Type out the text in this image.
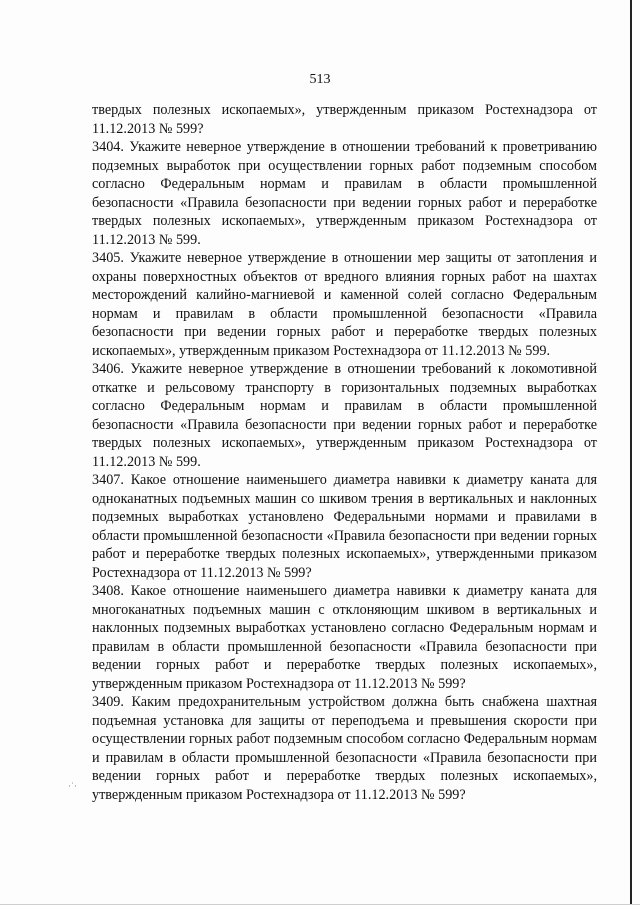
513

твердых полезных ископаемых», утвержденным приказом Ростехнадзора от 11.12.2013 № 599?

3404. Укажите неверное утверждение в отношении требований к проветриванию подземных выработок при осуществлении горных работ подземным способом согласно Федеральным нормам и правилам в области промышленной безопасности «Правила безопасности при ведении горных работ и переработке твердых полезных ископаемых», утвержденным приказом Ростехнадзора от 11.12.2013 № 599.

3405. Укажите неверное утверждение в отношении мер защиты от затопления и охраны поверхностных объектов от вредного влияния горных работ на шахтах месторождений калийно-магниевой и каменной солей согласно Федеральным нормам и правилам в области промышленной безопасности «Правила безопасности при ведении горных работ и переработке твердых полезных ископаемых», утвержденным приказом Ростехнадзора от 11.12.2013 № 599.

3406. Укажите неверное утверждение в отношении требований к локомотивной откатке и рельсовому транспорту в горизонтальных подземных выработках согласно Федеральным нормам и правилам в области промышленной безопасности «Правила безопасности при ведении горных работ и переработке твердых полезных ископаемых», утвержденным приказом Ростехнадзора от 11.12.2013 № 599.

3407. Какое отношение наименьшего диаметра навивки к диаметру каната для одноканатных подъемных машин со шкивом трения в вертикальных и наклонных подземных выработках установлено Федеральными нормами и правилами в области промышленной безопасности «Правила безопасности при ведении горных работ и переработке твердых полезных ископаемых», утвержденными приказом Ростехнадзора от 11.12.2013 № 599?

3408. Какое отношение наименьшего диаметра навивки к диаметру каната для многоканатных подъемных машин с отклоняющим шкивом в вертикальных и наклонных подземных выработках установлено согласно Федеральным нормам и правилам в области промышленной безопасности «Правила безопасности при ведении горных работ и переработке твердых полезных ископаемых», утвержденным приказом Ростехнадзора от 11.12.2013 № 599?

3409. Каким предохранительным устройством должна быть снабжена шахтная подъемная установка для защиты от переподъема и превышения скорости при осуществлении горных работ подземным способом согласно Федеральным нормам и правилам в области промышленной безопасности «Правила безопасности при ведении горных работ и переработке твердых полезных ископаемых», утвержденным приказом Ростехнадзора от 11.12.2013 № 599?

·˙·
